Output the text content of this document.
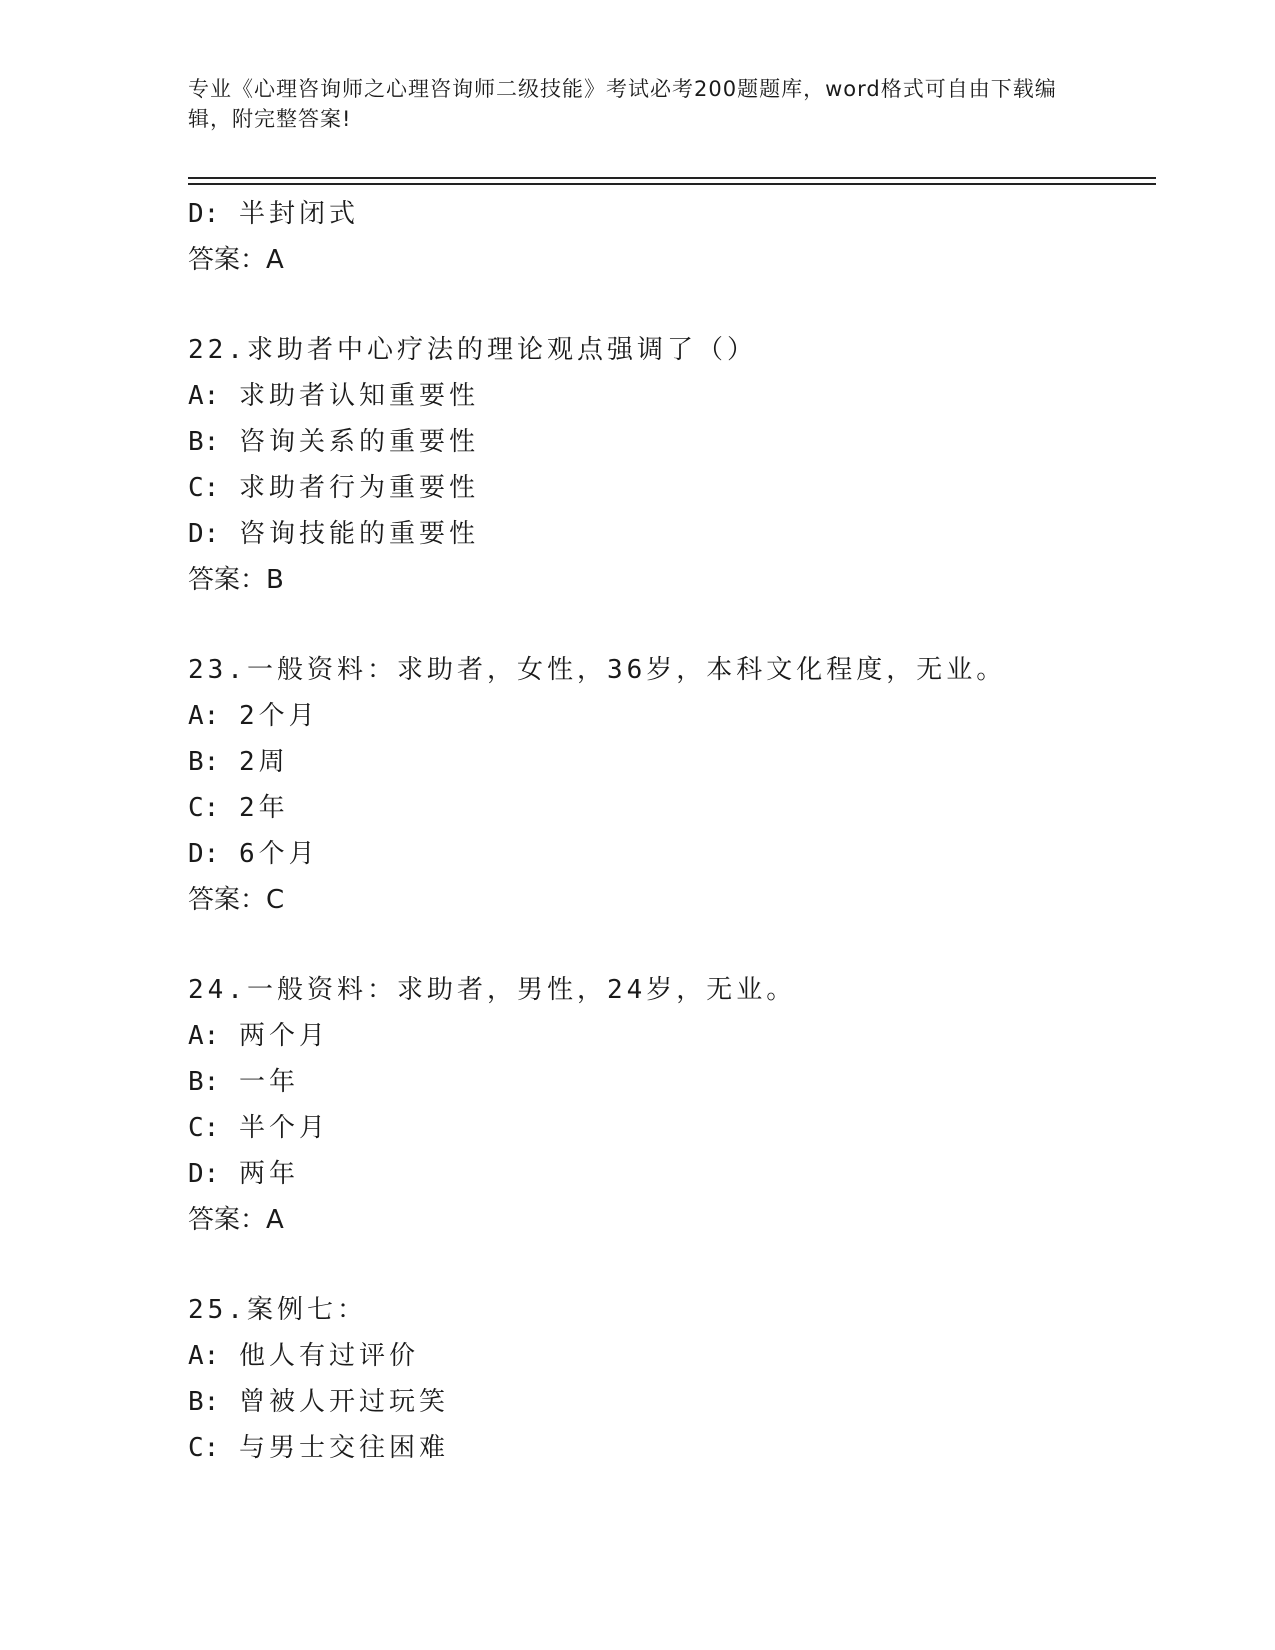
专业《心理咨询师之心理咨询师二级技能》考试必考200题题库，word格式可自由下载编辑，附完整答案!
D: 半封闭式
答案：A
22.求助者中心疗法的理论观点强调了（）
A: 求助者认知重要性
B: 咨询关系的重要性
C: 求助者行为重要性
D: 咨询技能的重要性
答案：B
23.一般资料：求助者，女性，36岁，本科文化程度，无业。
A: 2个月
B: 2周
C: 2年
D: 6个月
答案：C
24.一般资料：求助者，男性，24岁，无业。
A: 两个月
B: 一年
C: 半个月
D: 两年
答案：A
25.案例七：
A: 他人有过评价
B: 曾被人开过玩笑
C: 与男士交往困难
